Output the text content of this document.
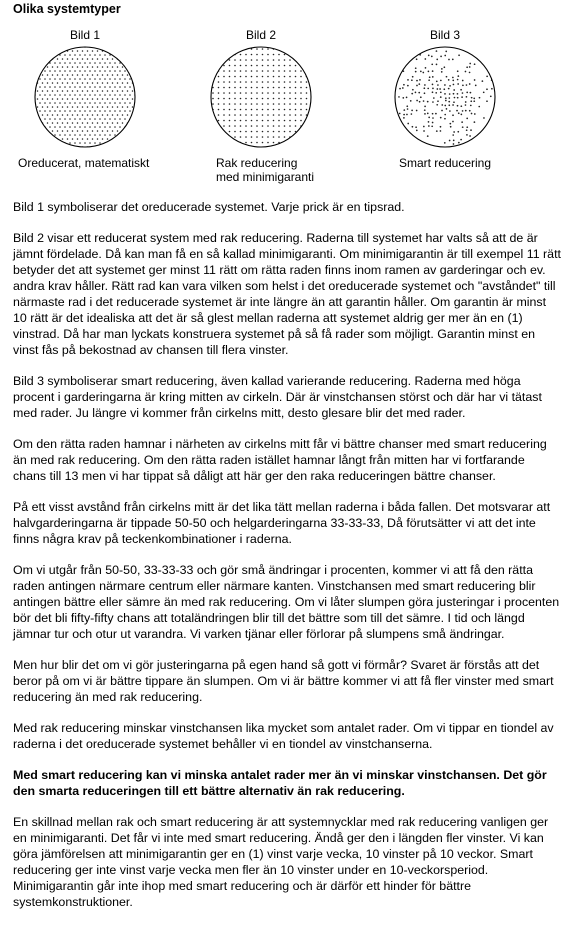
Olika systemtyper
Bild 1
Oreducerat, matematiskt
Bild 2
Rak reducering
med minimigaranti
Bild 3
Smart reducering

Bild 1 symboliserar det oreducerade systemet. Varje prick är en tipsrad.

Bild 2 visar ett reducerat system med rak reducering. Raderna till systemet har valts så att de är jämnt fördelade. Då kan man få en så kallad minimigaranti. Om minimigarantin är till exempel 11 rätt betyder det att systemet ger minst 11 rätt om rätta raden finns inom ramen av garderingar och ev. andra krav håller. Rätt rad kan vara vilken som helst i det oreducerade systemet och "avståndet" till närmaste rad i det reducerade systemet är inte längre än att garantin håller. Om garantin är minst 10 rätt är det idealiska att det är så glest mellan raderna att systemet aldrig ger mer än en (1) vinstrad. Då har man lyckats konstruera systemet på så få rader som möjligt. Garantin minst en vinst fås på bekostnad av chansen till flera vinster.

Bild 3 symboliserar smart reducering, även kallad varierande reducering. Raderna med höga procent i garderingarna är kring mitten av cirkeln. Där är vinstchansen störst och där har vi tätast med rader. Ju längre vi kommer från cirkelns mitt, desto glesare blir det med rader.

Om den rätta raden hamnar i närheten av cirkelns mitt får vi bättre chanser med smart reducering än med rak reducering. Om den rätta raden istället hamnar långt från mitten har vi fortfarande chans till 13 men vi har tippat så dåligt att här ger den raka reduceringen bättre chanser.

På ett visst avstånd från cirkelns mitt är det lika tätt mellan raderna i båda fallen. Det motsvarar att halvgarderingarna är tippade 50-50 och helgarderingarna 33-33-33, Då förutsätter vi att det inte finns några krav på teckenkombinationer i raderna.

Om vi utgår från 50-50, 33-33-33 och gör små ändringar i procenten, kommer vi att få den rätta raden antingen närmare centrum eller närmare kanten. Vinstchansen med smart reducering blir antingen bättre eller sämre än med rak reducering. Om vi låter slumpen göra justeringar i procenten bör det bli fifty-fifty chans att totaländringen blir till det bättre som till det sämre. I tid och längd jämnar tur och otur ut varandra. Vi varken tjänar eller förlorar på slumpens små ändringar.

Men hur blir det om vi gör justeringarna på egen hand så gott vi förmår? Svaret är förstås att det beror på om vi är bättre tippare än slumpen. Om vi är bättre kommer vi att få fler vinster med smart reducering än med rak reducering.

Med rak reducering minskar vinstchansen lika mycket som antalet rader. Om vi tippar en tiondel av raderna i det oreducerade systemet behåller vi en tiondel av vinstchanserna.

Med smart reducering kan vi minska antalet rader mer än vi minskar vinstchansen. Det gör den smarta reduceringen till ett bättre alternativ än rak reducering.

En skillnad mellan rak och smart reducering är att systemnycklar med rak reducering vanligen ger en minimigaranti. Det får vi inte med smart reducering. Ändå ger den i längden fler vinster. Vi kan göra jämförelsen att minimigarantin ger en (1) vinst varje vecka, 10 vinster på 10 veckor. Smart reducering ger inte vinst varje vecka men fler än 10 vinster under en 10-veckorsperiod. Minimigarantin går inte ihop med smart reducering och är därför ett hinder för bättre systemkonstruktioner.
